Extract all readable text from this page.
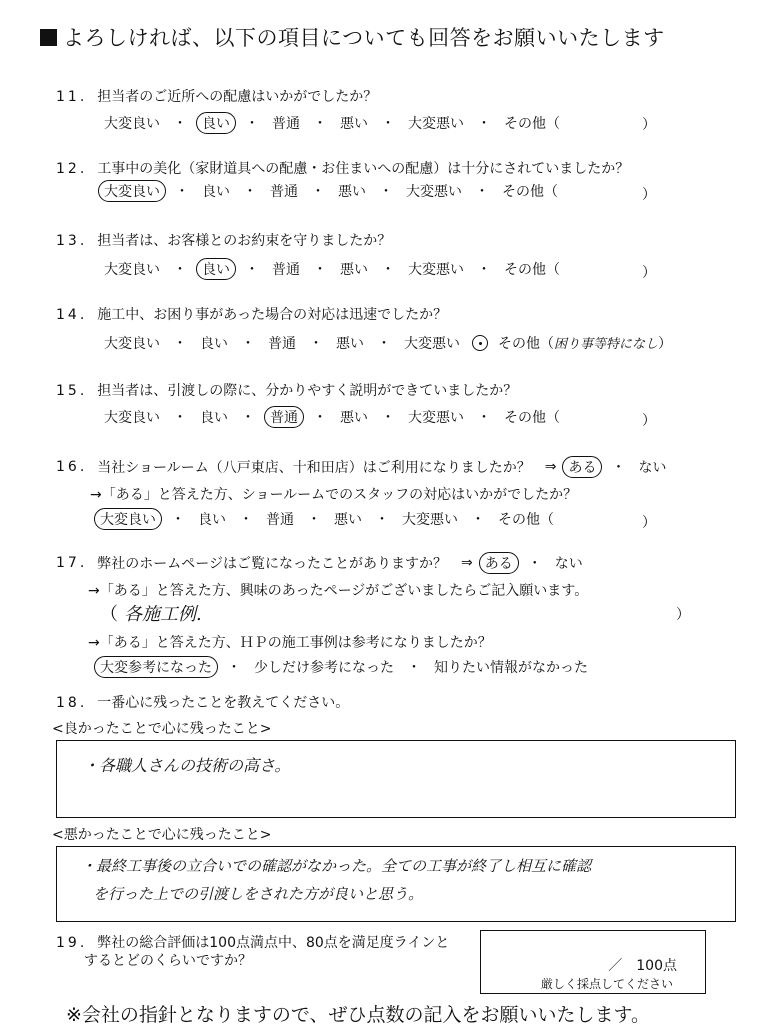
よろしければ、以下の項目についても回答をお願いいたします
11. 担当者のご近所への配慮はいかがでしたか？
大変良い ・	良い	・ 普通 ・ 悪い ・ 大変悪い ・ その他（	）
12. 工事中の美化（家財道具への配慮・お住まいへの配慮）は十分にされていましたか？
大変良い	・ 良い ・ 普通 ・ 悪い ・ 大変悪い ・ その他（	）
13. 担当者は、お客様とのお約束を守りましたか？
大変良い ・	良い	・ 普通 ・ 悪い ・ 大変悪い ・ その他（	）
14. 施工中、お困り事があった場合の対応は迅速でしたか？
大変良い ・ 良い ・ 普通 ・ 悪い ・ 大変悪い	その他（困り事等特になし）
15. 担当者は、引渡しの際に、分かりやすく説明ができていましたか？
大変良い ・ 良い ・	普通	・ 悪い ・ 大変悪い ・ その他（	）
16. 当社ショールーム（八戸東店、十和田店）はご利用になりましたか？ ⇒ ある	・ ない
→「ある」と答えた方、ショールームでのスタッフの対応はいかがでしたか？
大変良い	・ 良い ・ 普通 ・ 悪い ・ 大変悪い ・ その他（	）
17. 弊社のホームページはご覧になったことがありますか？ ⇒ ある	・ ない
→「ある」と答えた方、興味のあったページがございましたらご記入願います。
（ 各施工例.	）
→「ある」と答えた方、ＨＰの施工事例は参考になりましたか？
大変参考になった	・ 少しだけ参考になった ・ 知りたい情報がなかった
18. 一番心に残ったことを教えてください。
<良かったことで心に残ったこと>
・各職人さんの技術の高さ。
<悪かったことで心に残ったこと>
・最終工事後の立合いでの確認がなかった。全ての工事が終了し相互に確認
を行った上での引渡しをされた方が良いと思う。
19. 弊社の総合評価は100点満点中、80点を満足度ラインと
するとどのくらいですか？	／　100点
厳しく採点してください
※会社の指針となりますので、ぜひ点数の記入をお願いいたします。
